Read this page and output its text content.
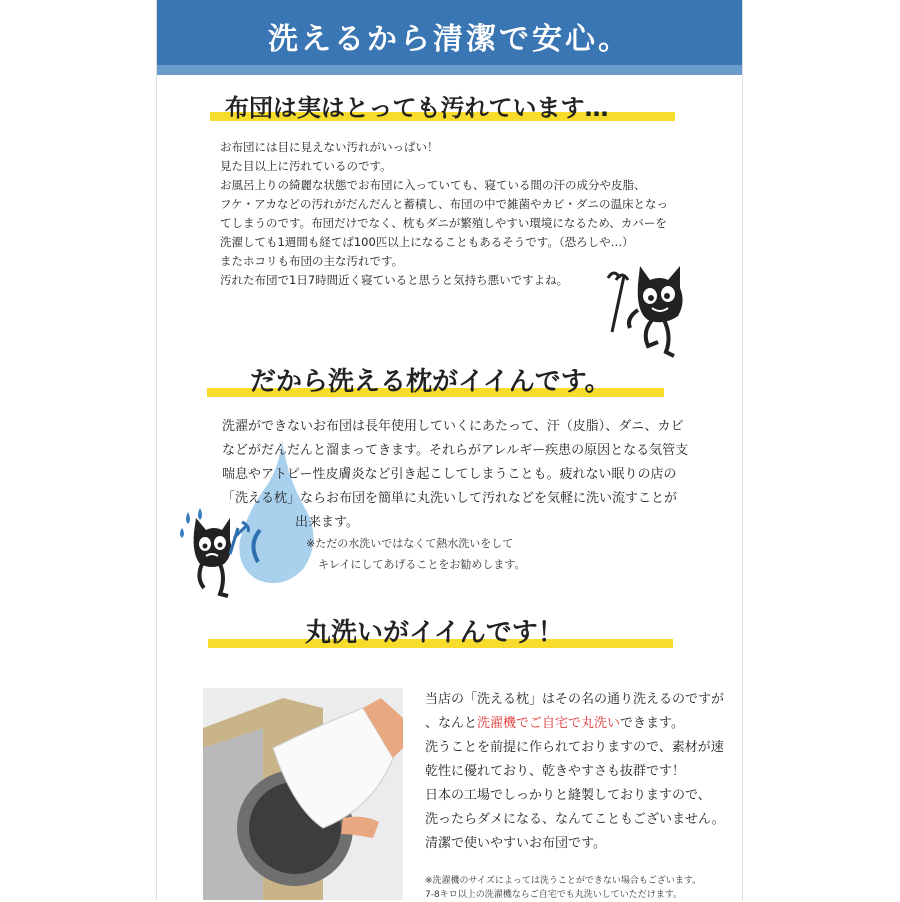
洗えるから清潔で安心。
布団は実はとっても汚れています…
お布団には目に見えない汚れがいっぱい！
見た目以上に汚れているのです。
お風呂上りの綺麗な状態でお布団に入っていても、寝ている間の汗の成分や皮脂、
フケ・アカなどの汚れがだんだんと蓄積し、布団の中で雑菌やカビ・ダニの温床となっ
てしまうのです。布団だけでなく、枕もダニが繁殖しやすい環境になるため、カバーを
洗濯しても1週間も経てば100匹以上になることもあるそうです。（恐ろしや…）
またホコリも布団の主な汚れです。
汚れた布団で1日7時間近く寝ていると思うと気持ち悪いですよね。
だから洗える枕がイイんです。
洗濯ができないお布団は長年使用していくにあたって、汗（皮脂）、ダニ、カビ
などがだんだんと溜まってきます。それらがアレルギー疾患の原因となる気管支
喘息やアトピー性皮膚炎など引き起こしてしまうことも。疲れない眠りの店の
「洗える枕」ならお布団を簡単に丸洗いして汚れなどを気軽に洗い流すことが
出来ます。
※ただの水洗いではなくて熱水洗いをして
キレイにしてあげることをお勧めします。
丸洗いがイイんです！
当店の「洗える枕」はその名の通り洗えるのですが
、なんと洗濯機でご自宅で丸洗いできます。
洗うことを前提に作られておりますので、素材が速
乾性に優れており、乾きやすさも抜群です！
日本の工場でしっかりと縫製しておりますので、
洗ったらダメになる、なんてこともございません。
清潔で使いやすいお布団です。
※洗濯機のサイズによっては洗うことができない場合もございます。
7-8キロ以上の洗濯機ならご自宅でも丸洗いしていただけます。
